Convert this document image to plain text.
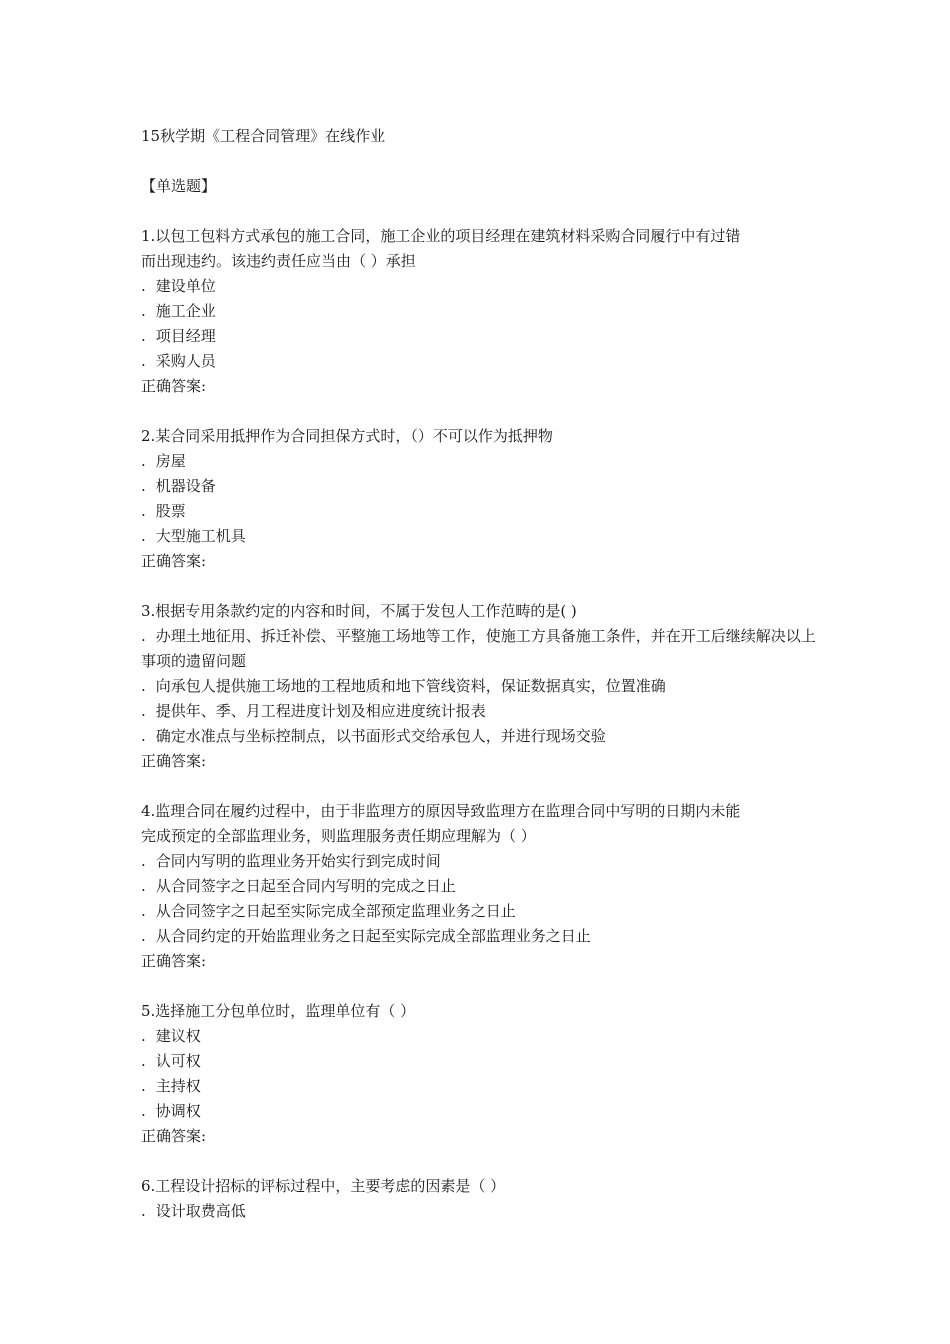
15秋学期《工程合同管理》在线作业
【单选题】
1.以包工包料方式承包的施工合同，施工企业的项目经理在建筑材料采购合同履行中有过错
而出现违约。该违约责任应当由（ ）承担
. 建设单位
. 施工企业
. 项目经理
. 采购人员
正确答案:
2.某合同采用抵押作为合同担保方式时，（）不可以作为抵押物
. 房屋
. 机器设备
. 股票
. 大型施工机具
正确答案:
3.根据专用条款约定的内容和时间，不属于发包人工作范畴的是( )
. 办理土地征用、拆迁补偿、平整施工场地等工作，使施工方具备施工条件，并在开工后继续解决以上事项的遗留问题
. 向承包人提供施工场地的工程地质和地下管线资料，保证数据真实，位置准确
. 提供年、季、月工程进度计划及相应进度统计报表
. 确定水准点与坐标控制点，以书面形式交给承包人，并进行现场交验
正确答案:
4.监理合同在履约过程中，由于非监理方的原因导致监理方在监理合同中写明的日期内未能
完成预定的全部监理业务，则监理服务责任期应理解为（ ）
. 合同内写明的监理业务开始实行到完成时间
. 从合同签字之日起至合同内写明的完成之日止
. 从合同签字之日起至实际完成全部预定监理业务之日止
. 从合同约定的开始监理业务之日起至实际完成全部监理业务之日止
正确答案:
5.选择施工分包单位时，监理单位有（ ）
. 建议权
. 认可权
. 主持权
. 协调权
正确答案:
6.工程设计招标的评标过程中，主要考虑的因素是（ ）
. 设计取费高低
